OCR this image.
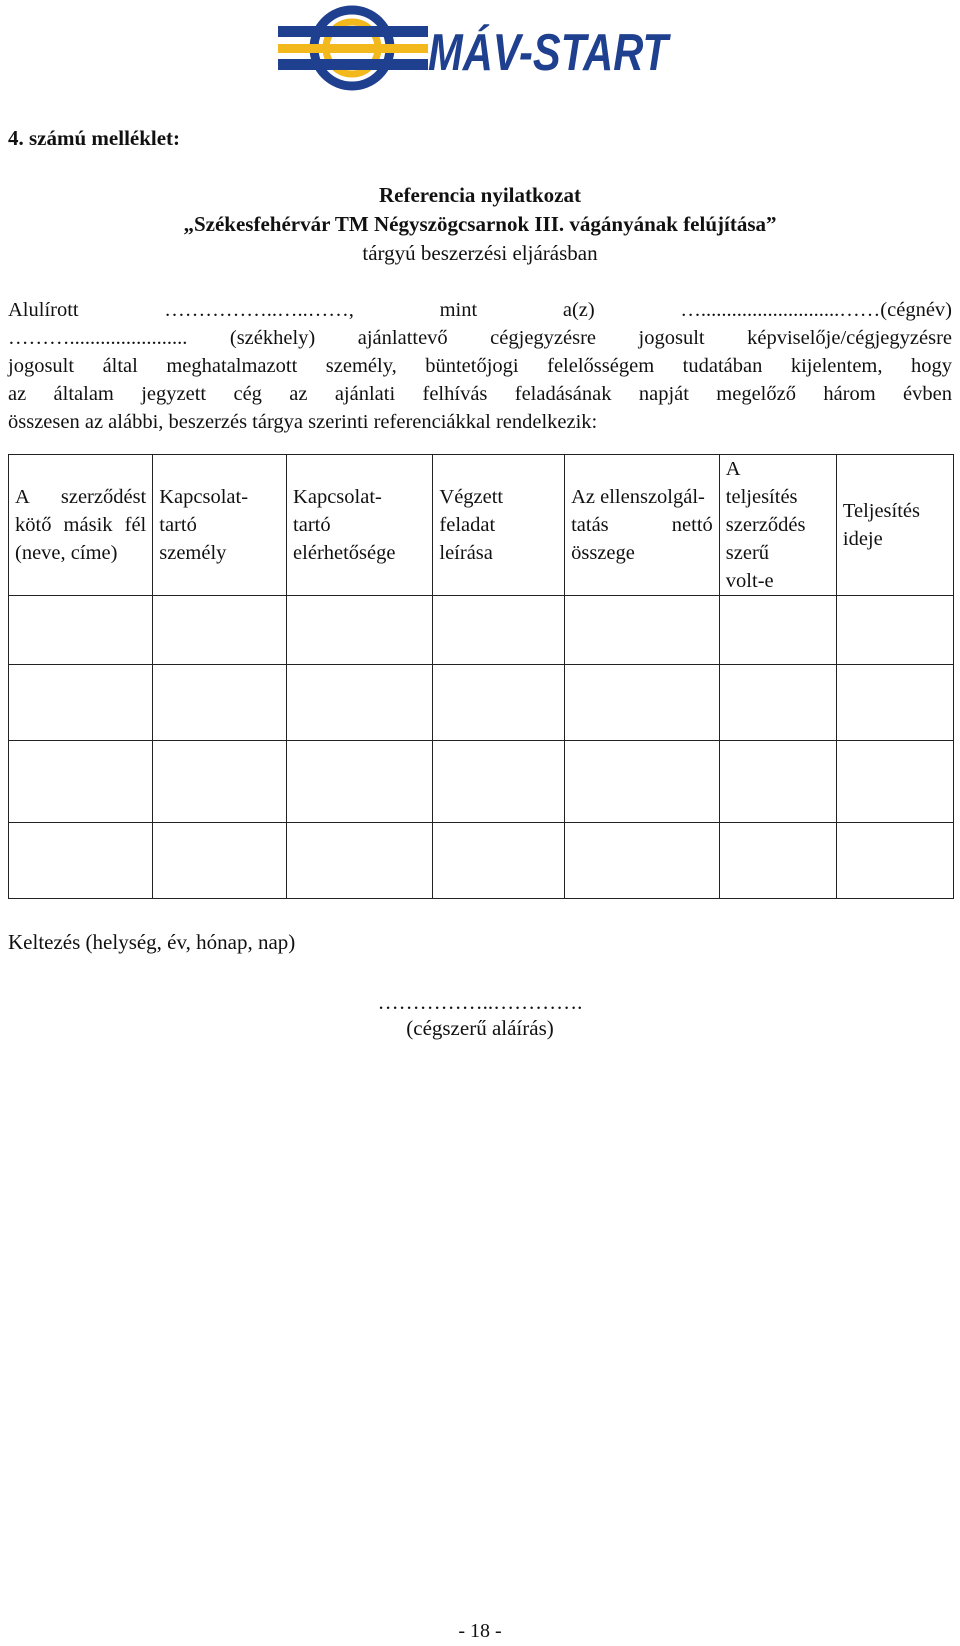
MÁV-START

4. számú melléklet:

Referencia nyilatkozat
„Székesfehérvár TM Négyszögcsarnok III. vágányának felújítása”
tárgyú beszerzési eljárásban
Alulírott ……………..…..……, mint a(z) …...........................……(cégnév)
………....................... (székhely) ajánlattevő cégjegyzésre jogosult képviselője/cégjegyzésre
jogosult által meghatalmazott személy, büntetőjogi felelősségem tudatában kijelentem, hogy
az általam jegyzett cég az ajánlati felhívás feladásának napját megelőző három évben
összesen az alábbi, beszerzés tárgya szerinti referenciákkal rendelkezik:
A szerződést kötő másik fél (neve, címe)	Kapcsolat-
tartó
személy	Kapcsolat-
tartó
elérhetősége	Végzett
feladat
leírása	Az ellenszolgál-
tatás nettó összege	A
teljesítés
szerződés
szerű
volt-e	Teljesítés
ideje

Keltezés (helység, év, hónap, nap)
……………..………….
(cégszerű aláírás)
- 18 -
